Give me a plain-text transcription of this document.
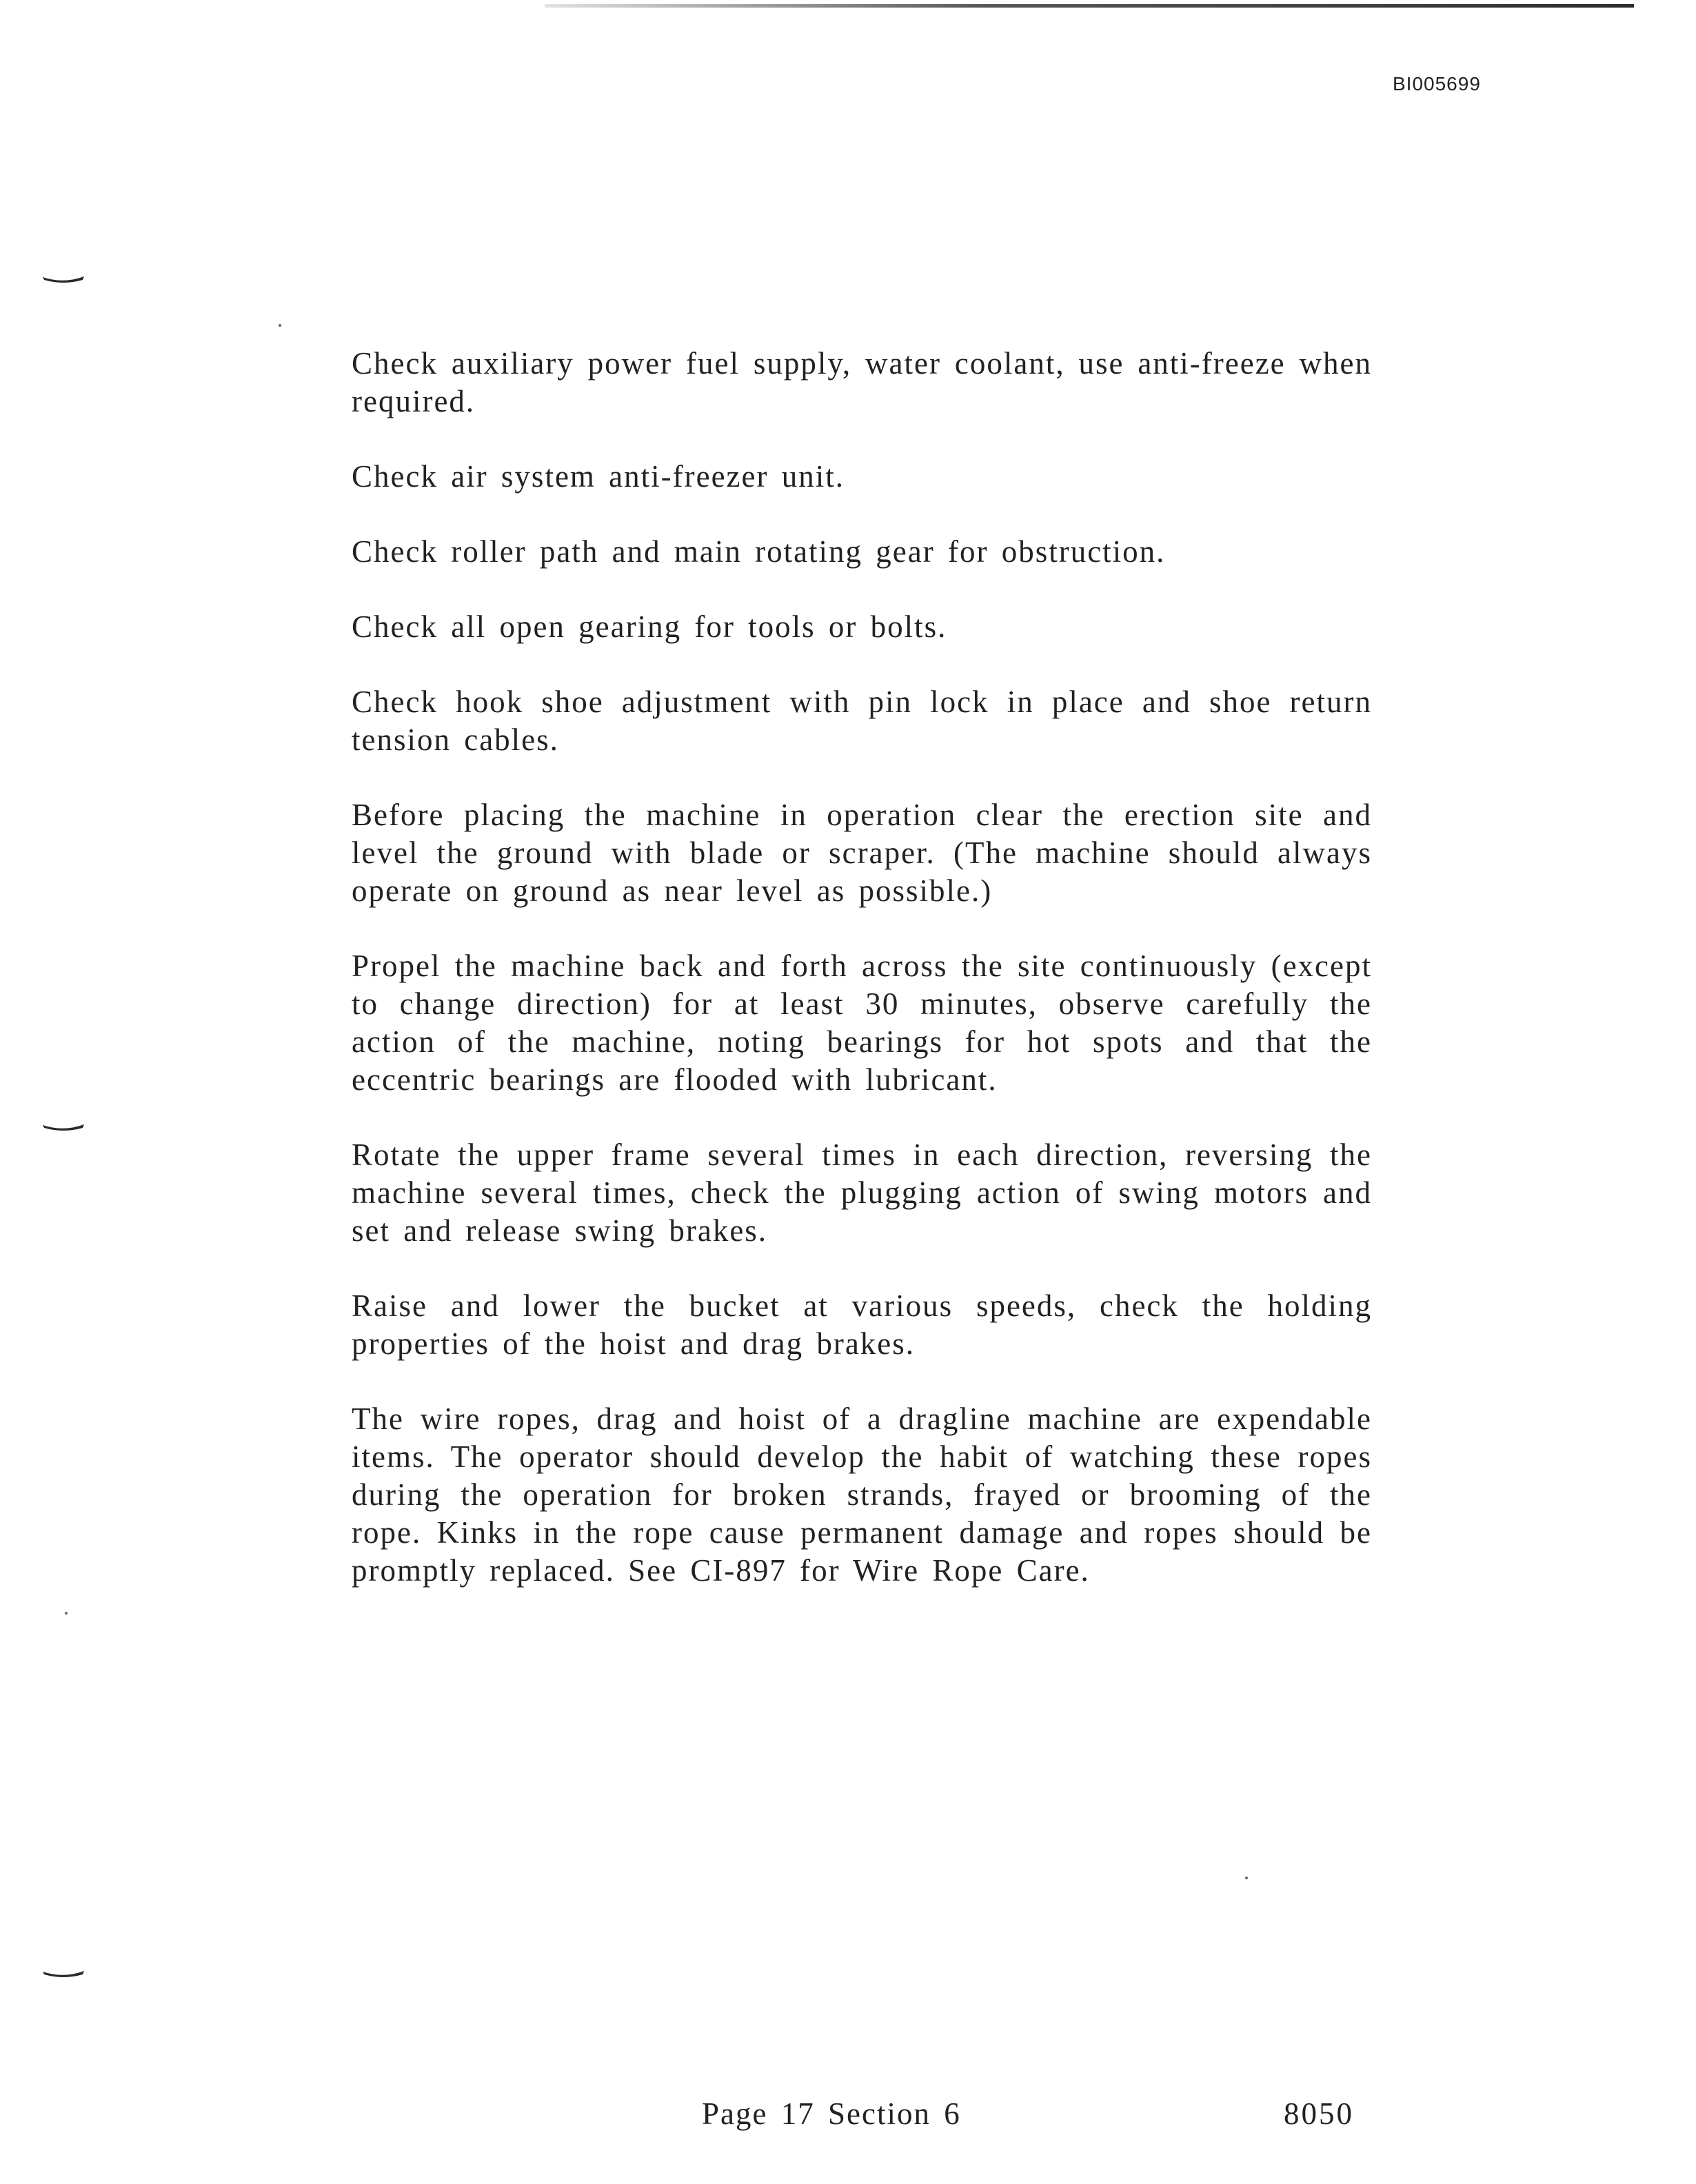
BI005699

Check auxiliary power fuel supply, water coolant, use anti-freeze when required.

Check air system anti-freezer unit.

Check roller path and main rotating gear for obstruction.

Check all open gearing for tools or bolts.

Check hook shoe adjustment with pin lock in place and shoe return tension cables.

Before placing the machine in operation clear the erection site and level the ground with blade or scraper. (The machine should always operate on ground as near level as possible.)

Propel the machine back and forth across the site continuously (except to change direction) for at least 30 minutes, observe carefully the action of the machine, noting bearings for hot spots and that the eccentric bearings are flooded with lubricant.

Rotate the upper frame several times in each direction, reversing the machine several times, check the plugging action of swing motors and set and release swing brakes.

Raise and lower the bucket at various speeds, check the holding properties of the hoist and drag brakes.

The wire ropes, drag and hoist of a dragline machine are expendable items. The operator should develop the habit of watching these ropes during the operation for broken strands, frayed or brooming of the rope. Kinks in the rope cause permanent damage and ropes should be promptly replaced. See CI-897 for Wire Rope Care.

Page 17 Section 6	8050
